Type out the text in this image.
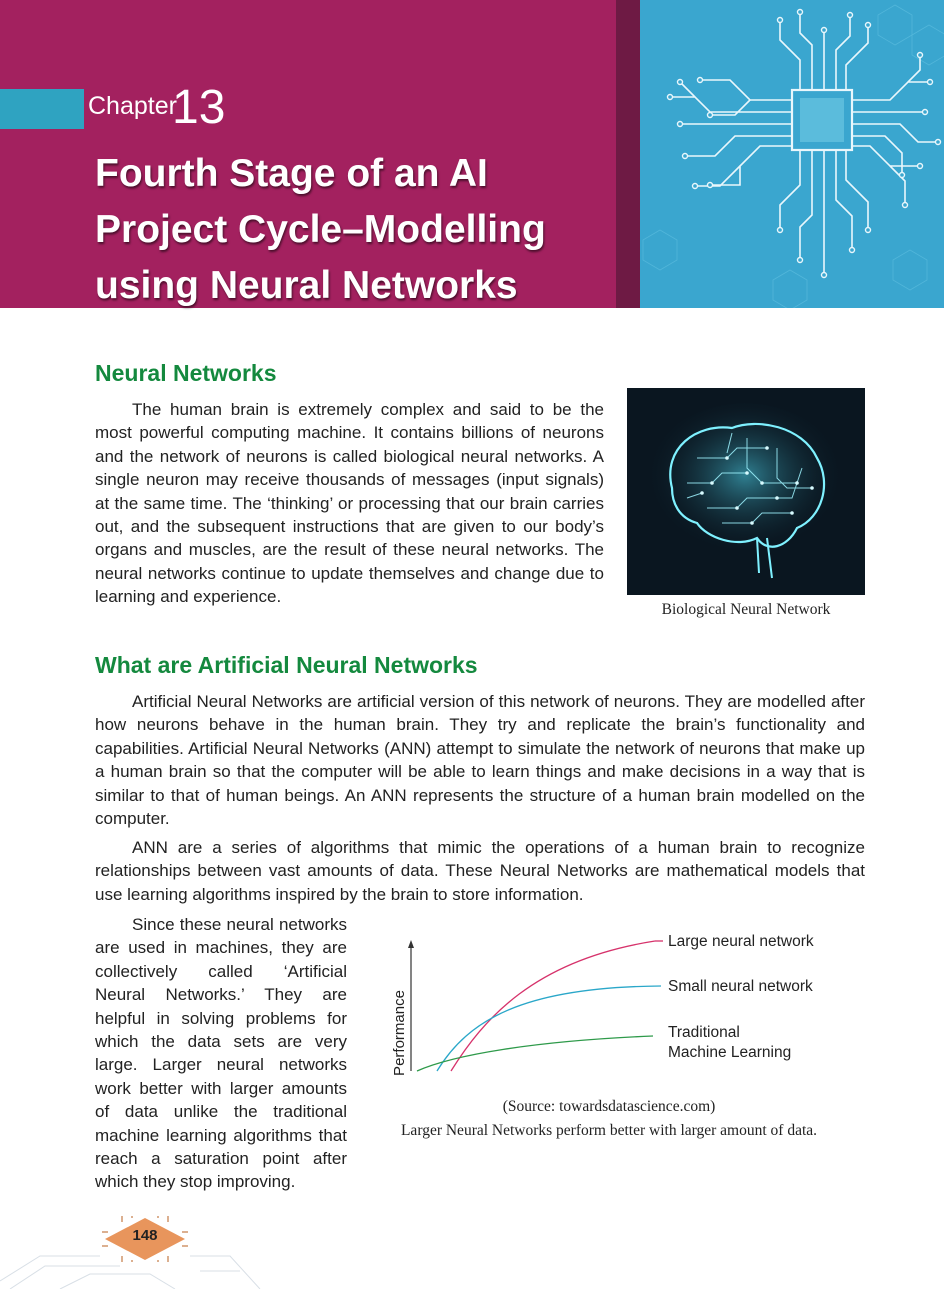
Chapter
13
Fourth Stage of an AI
Project Cycle–Modelling
using Neural Networks
Neural Networks

The human brain is extremely complex and said to be the most powerful computing machine. It contains billions of neurons and the network of neurons is called biological neural networks. A single neuron may receive thousands of messages (input signals) at the same time. The ‘thinking’ or processing that our brain carries out, and the subsequent instructions that are given to our body’s organs and muscles, are the result of these neural networks. The neural networks continue to update themselves and change due to learning and experience.

Biological Neural Network
What are Artificial Neural Networks

Artificial Neural Networks are artificial version of this network of neurons. They are modelled after how neurons behave in the human brain. They try and replicate the brain’s functionality and capabilities. Artificial Neural Networks (ANN) attempt to simulate the network of neurons that make up a human brain so that the computer will be able to learn things and make decisions in a way that is similar to that of human beings. An ANN represents the structure of a human brain modelled on the computer.

ANN are a series of algorithms that mimic the operations of a human brain to recognize relationships between vast amounts of data. These Neural Networks are mathematical models that use learning algorithms inspired by the brain to store information.

Since these neural networks are used in machines, they are collectively called ‘Artificial Neural Networks.’ They are helpful in solving problems for which the data sets are very large. Larger neural networks work better with larger amounts of data unlike the traditional machine learning algorithms that reach a saturation point after which they stop improving.

Performance
Large neural network
Small neural network
Traditional
Machine Learning
(Source: towardsdatascience.com)
Larger Neural Networks perform better with larger amount of data.
148
